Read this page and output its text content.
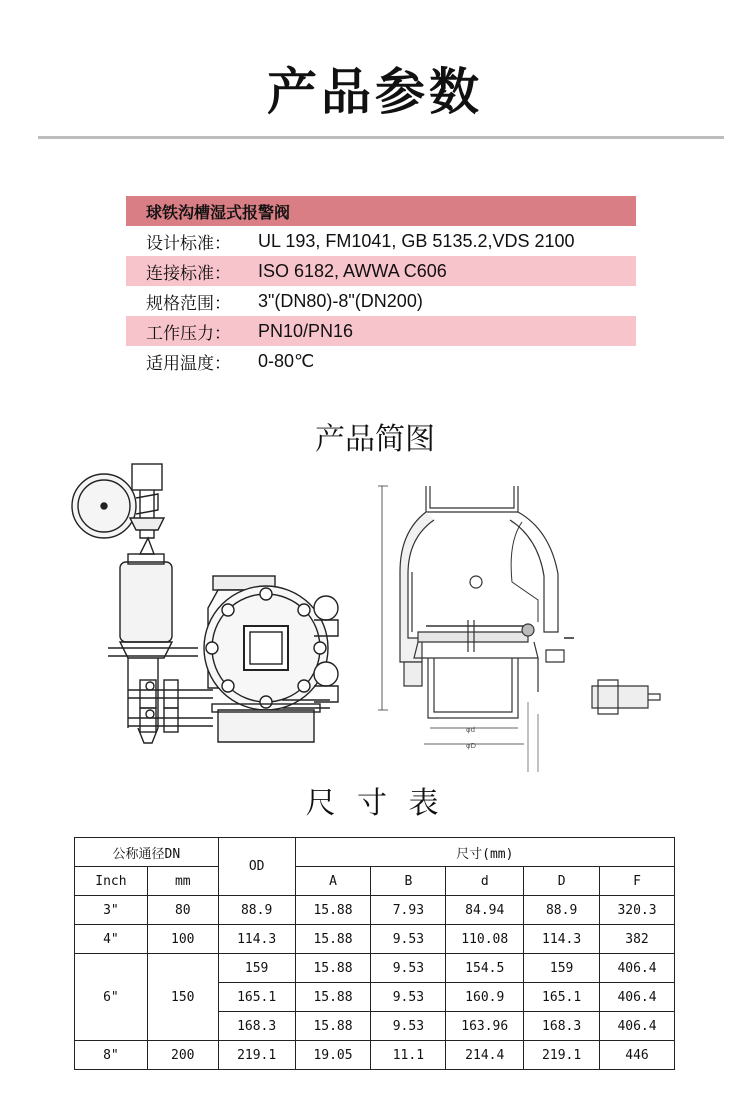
产品参数
球铁沟槽湿式报警阀
设计标准：	UL 193, FM1041, GB 5135.2,VDS 2100
连接标准：	ISO 6182, AWWA C606
规格范围：	3"(DN80)-8"(DN200)
工作压力：	PN10/PN16
适用温度：	0-80℃
产品简图
φd
φD
尺 寸 表
公称通径DN		OD	尺寸(mm)				
Inch	mm		A	B	d	D	F
3"	80	88.9	15.88	7.93	84.94	88.9	320.3
4"	100	114.3	15.88	9.53	110.08	114.3	382
6"	150	159	15.88	9.53	154.5	159	406.4
		165.1	15.88	9.53	160.9	165.1	406.4
		168.3	15.88	9.53	163.96	168.3	406.4
8"	200	219.1	19.05	11.1	214.4	219.1	446
